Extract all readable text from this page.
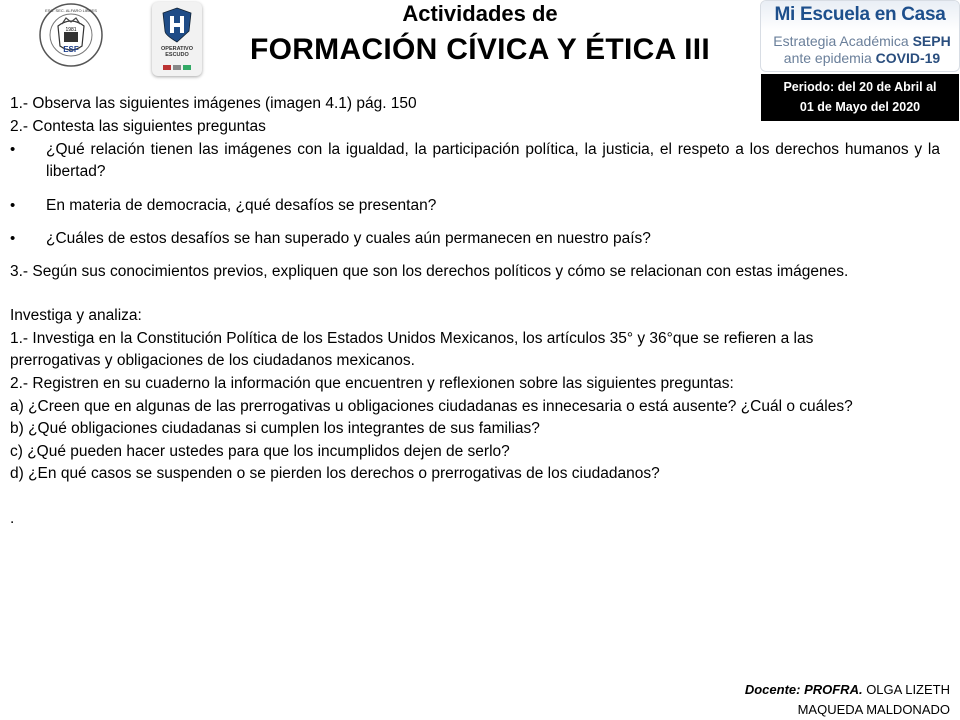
1981
ESF
ESC. SEC. ALFARO LIBRES
OPERATIVO
ESCUDO
Actividades de
FORMACIÓN CÍVICA Y ÉTICA III
Mi Escuela en Casa
Estrategia Académica SEPH
ante epidemia COVID-19
Periodo: del 20 de Abril al
01 de Mayo del 2020
1.- Observa las siguientes imágenes (imagen 4.1) pág. 150
2.- Contesta las siguientes preguntas
• ¿Qué relación tienen las imágenes con la igualdad, la participación política, la justicia, el respeto a los derechos humanos y la libertad?
• En materia de democracia, ¿qué desafíos se presentan?
• ¿Cuáles de estos desafíos se han superado y cuales aún permanecen en nuestro país?
3.- Según sus conocimientos previos, expliquen que son los derechos políticos y cómo se relacionan con estas imágenes.
Investiga y analiza:
1.- Investiga en la Constitución Política de los Estados Unidos Mexicanos, los artículos 35° y 36°que se refieren a las
prerrogativas y obligaciones de los ciudadanos mexicanos.
2.- Registren en su cuaderno la información que encuentren y reflexionen sobre las siguientes preguntas:
a) ¿Creen que en algunas de las prerrogativas u obligaciones ciudadanas es innecesaria o está ausente? ¿Cuál o cuáles?
b) ¿Qué obligaciones ciudadanas si cumplen los integrantes de sus familias?
c) ¿Qué pueden hacer ustedes para que los incumplidos dejen de serlo?
d) ¿En qué casos se suspenden o se pierden los derechos o prerrogativas de los ciudadanos?
.
Docente: PROFRA. OLGA LIZETH
MAQUEDA MALDONADO
